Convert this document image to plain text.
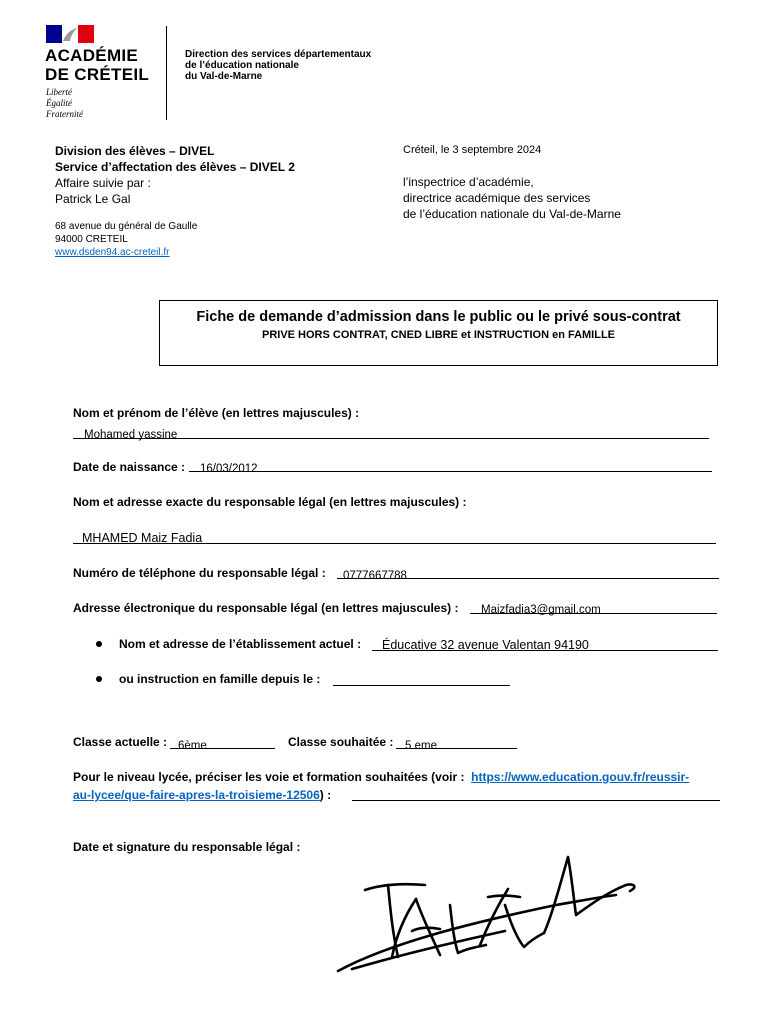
ACADÉMIE
DE CRÉTEIL
Liberté
Égalité
Fraternité
Direction des services départementaux
de l’éducation nationale
du Val-de-Marne
Division des élèves – DIVEL
Service d’affectation des élèves – DIVEL 2
Affaire suivie par :
Patrick Le Gal
68 avenue du général de Gaulle
94000 CRETEIL
www.dsden94.ac-creteil.fr
Créteil, le 3 septembre 2024
l’inspectrice d’académie,
directrice académique des services
de l’éducation nationale du Val-de-Marne
Fiche de demande d’admission dans le public ou le privé sous-contrat
PRIVE HORS CONTRAT, CNED LIBRE et INSTRUCTION en FAMILLE
Nom et prénom de l’élève (en lettres majuscules) :
Mohamed yassine
Date de naissance : 16/03/2012
Nom et adresse exacte du responsable légal (en lettres majuscules) :
MHAMED Maiz Fadia
Numéro de téléphone du responsable légal : 0777667788
Adresse électronique du responsable légal (en lettres majuscules) : Maizfadia3@gmail.com
Nom et adresse de l’établissement actuel : Éducative 32 avenue Valentan 94190
ou instruction en famille depuis le :
Classe actuelle : 6ème	Classe souhaitée : 5 eme
Pour le niveau lycée, préciser les voie et formation souhaitées (voir : https://www.education.gouv.fr/reussir-
au-lycee/que-faire-apres-la-troisieme-12506) :
Date et signature du responsable légal :
